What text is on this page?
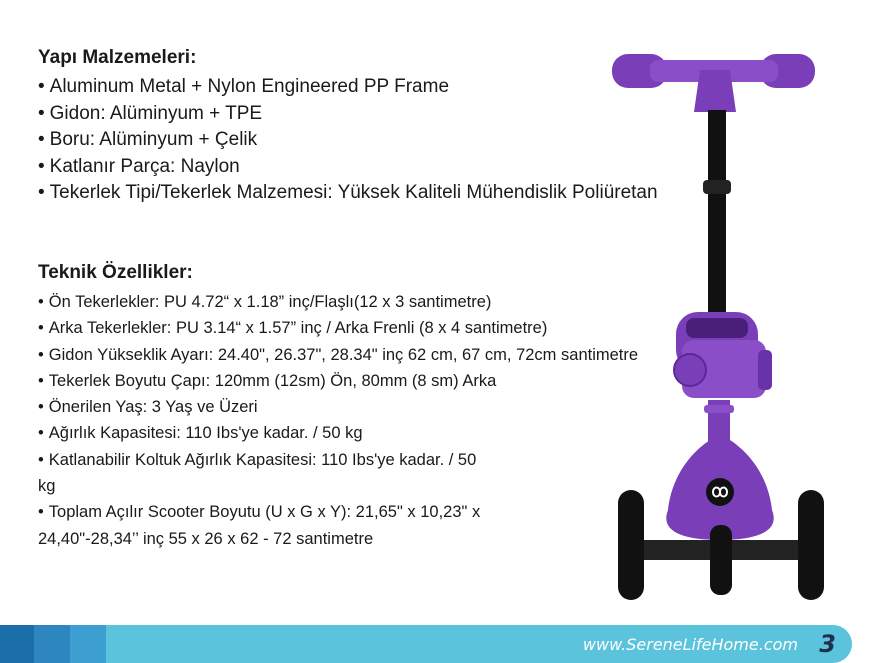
Yapı Malzemeleri:
• Aluminum Metal + Nylon Engineered PP Frame
• Gidon: Alüminyum + TPE
• Boru: Alüminyum + Çelik
• Katlanır Parça: Naylon
• Tekerlek Tipi/Tekerlek Malzemesi: Yüksek Kaliteli Mühendislik Poliüretan
Teknik Özellikler:
• Ön Tekerlekler: PU 4.72“ x 1.18” inç/Flaşlı(12 x 3 santimetre)
• Arka Tekerlekler: PU 3.14“ x 1.57” inç / Arka Frenli (8 x 4 santimetre)
• Gidon Yükseklik Ayarı: 24.40", 26.37", 28.34" inç 62 cm, 67 cm, 72cm santimetre
• Tekerlek Boyutu Çapı: 120mm (12sm) Ön, 80mm (8 sm) Arka
• Önerilen Yaş: 3 Yaş ve Üzeri
• Ağırlık Kapasitesi: 110 Ibs'ye kadar. / 50 kg
• Katlanabilir Koltuk Ağırlık Kapasitesi: 110 Ibs'ye kadar. / 50 kg
• Toplam Açılır Scooter Boyutu (U x G x Y): 21,65" x 10,23" x 24,40"-28,34’’ inç 55 x 26 x 62 - 72 santimetre
www.SereneLifeHome.com 3
